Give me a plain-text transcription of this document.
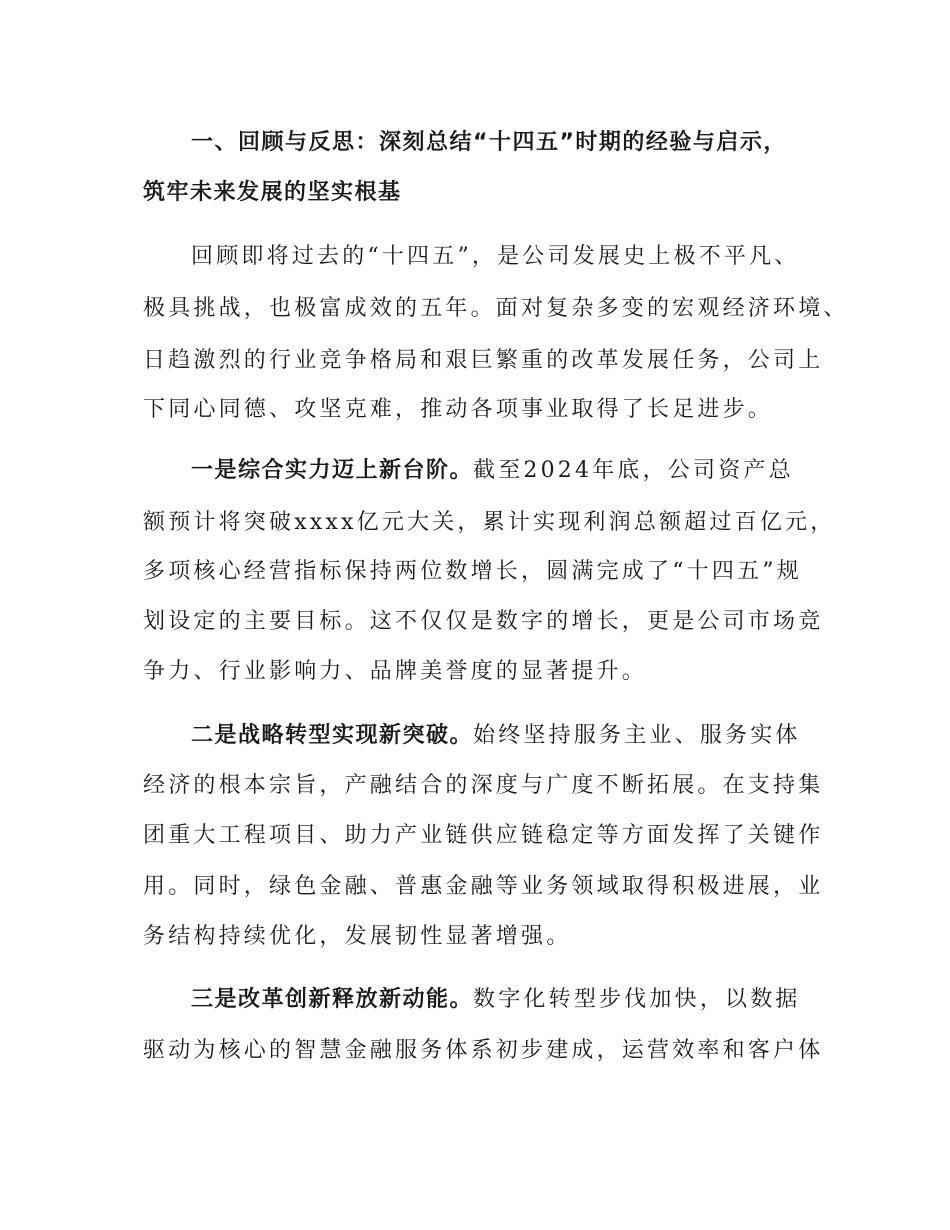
一、回顾与反思：深刻总结“十四五”时期的经验与启示，
筑牢未来发展的坚实根基
回顾即将过去的“十四五”，是公司发展史上极不平凡、
极具挑战，也极富成效的五年。面对复杂多变的宏观经济环境、
日趋激烈的行业竞争格局和艰巨繁重的改革发展任务，公司上
下同心同德、攻坚克难，推动各项事业取得了长足进步。
一是综合实力迈上新台阶。截至2024年底，公司资产总
额预计将突破xxxx亿元大关，累计实现利润总额超过百亿元，
多项核心经营指标保持两位数增长，圆满完成了“十四五”规
划设定的主要目标。这不仅仅是数字的增长，更是公司市场竞
争力、行业影响力、品牌美誉度的显著提升。
二是战略转型实现新突破。始终坚持服务主业、服务实体
经济的根本宗旨，产融结合的深度与广度不断拓展。在支持集
团重大工程项目、助力产业链供应链稳定等方面发挥了关键作
用。同时，绿色金融、普惠金融等业务领域取得积极进展，业
务结构持续优化，发展韧性显著增强。
三是改革创新释放新动能。数字化转型步伐加快，以数据
驱动为核心的智慧金融服务体系初步建成，运营效率和客户体
